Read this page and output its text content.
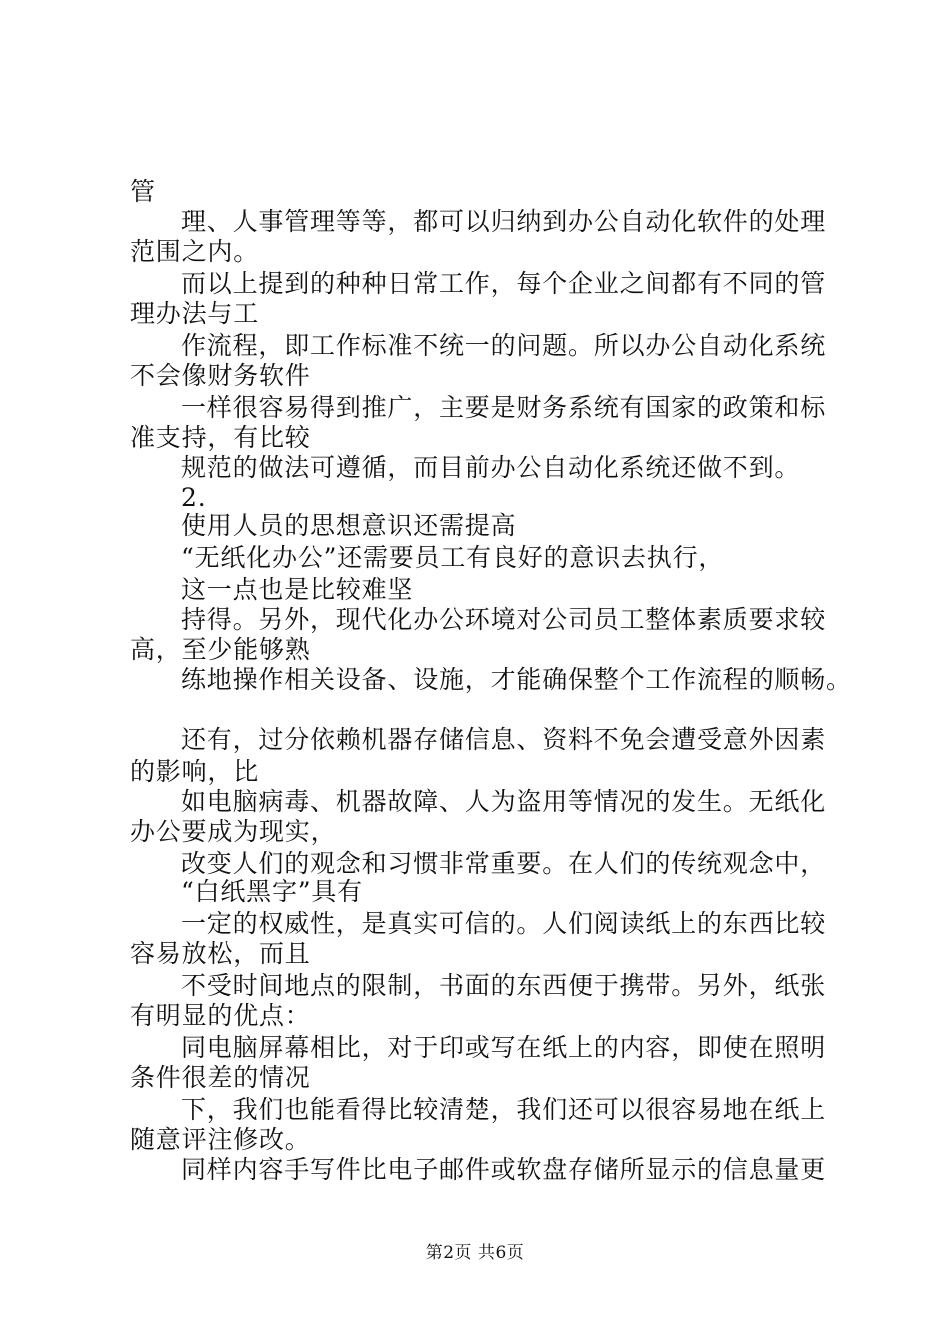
管
理、人事管理等等，都可以归纳到办公自动化软件的处理
范围之内。
而以上提到的种种日常工作，每个企业之间都有不同的管
理办法与工
作流程，即工作标准不统一的问题。所以办公自动化系统
不会像财务软件
一样很容易得到推广，主要是财务系统有国家的政策和标
准支持，有比较
规范的做法可遵循，而目前办公自动化系统还做不到。
2.
使用人员的思想意识还需提高
“无纸化办公”还需要员工有良好的意识去执行，
这一点也是比较难坚
持得。另外，现代化办公环境对公司员工整体素质要求较
高，至少能够熟
练地操作相关设备、设施，才能确保整个工作流程的顺畅。
还有，过分依赖机器存储信息、资料不免会遭受意外因素
的影响，比
如电脑病毒、机器故障、人为盗用等情况的发生。无纸化
办公要成为现实，
改变人们的观念和习惯非常重要。在人们的传统观念中，
“白纸黑字”具有
一定的权威性，是真实可信的。人们阅读纸上的东西比较
容易放松，而且
不受时间地点的限制，书面的东西便于携带。另外，纸张
有明显的优点：
同电脑屏幕相比，对于印或写在纸上的内容，即使在照明
条件很差的情况
下，我们也能看得比较清楚，我们还可以很容易地在纸上
随意评注修改。
同样内容手写件比电子邮件或软盘存储所显示的信息量更
第2页 共6页
